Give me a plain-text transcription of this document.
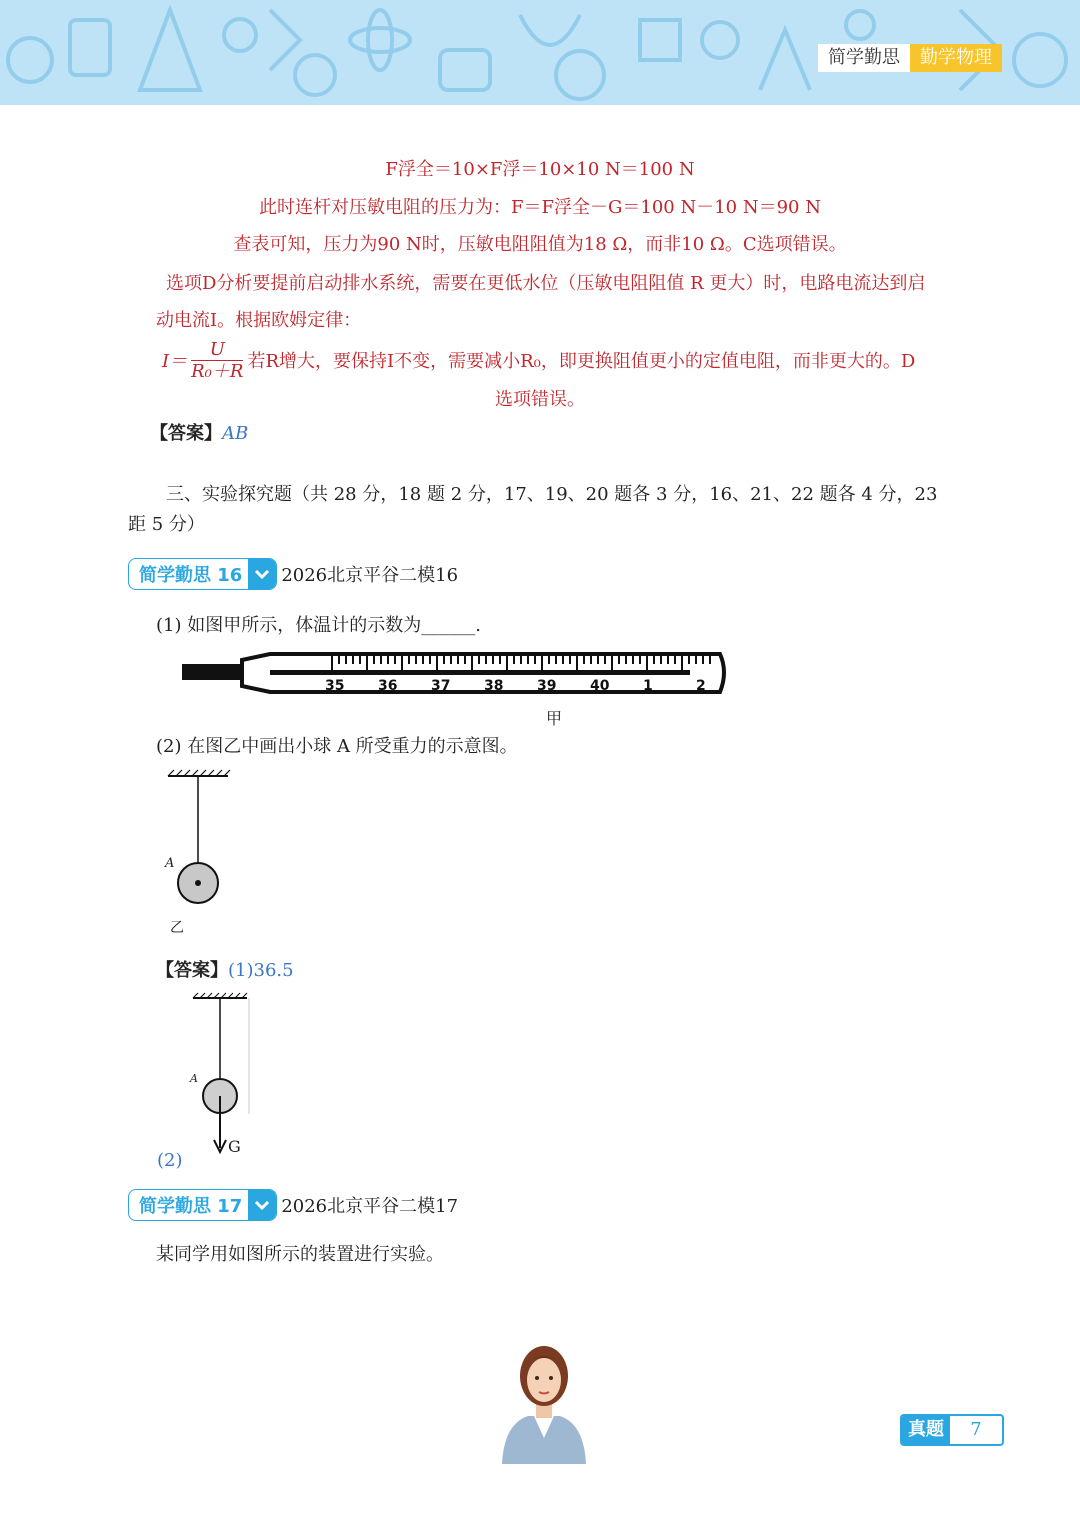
简学勤思	勤学物理
F浮全＝10×F浮＝10×10 N＝100 N
此时连杆对压敏电阻的压力为：F＝F浮全－G＝100 N－10 N＝90 N
查表可知，压力为90 N时，压敏电阻阻值为18 Ω，而非10 Ω。C选项错误。
选项D分析要提前启动排水系统，需要在更低水位（压敏电阻阻值 R 更大）时，电路电流达到启
动电流I。根据欧姆定律：
$I= \frac{U}{\text{R₀＋R}}$ 若R增大，要保持I不变，需要减小R₀，即更换阻值更小的定值电阻，而非更大的。D
选项错误。
【答案】AB
三、实验探究题（共 28 分，18 题 2 分，17、19、20 题各 3 分，16、21、22 题各 4 分，23
距 5 分）
简学勤思 16	2026北京平谷二模16
(1) 如图甲所示，体温计的示数为______.
35 36 37 38 39 40 1	2
甲
(2) 在图乙中画出小球 A 所受重力的示意图。
A
乙
【答案】(1)36.5
A
G
(2)
简学勤思 17	2026北京平谷二模17
某同学用如图所示的装置进行实验。
真题	7
